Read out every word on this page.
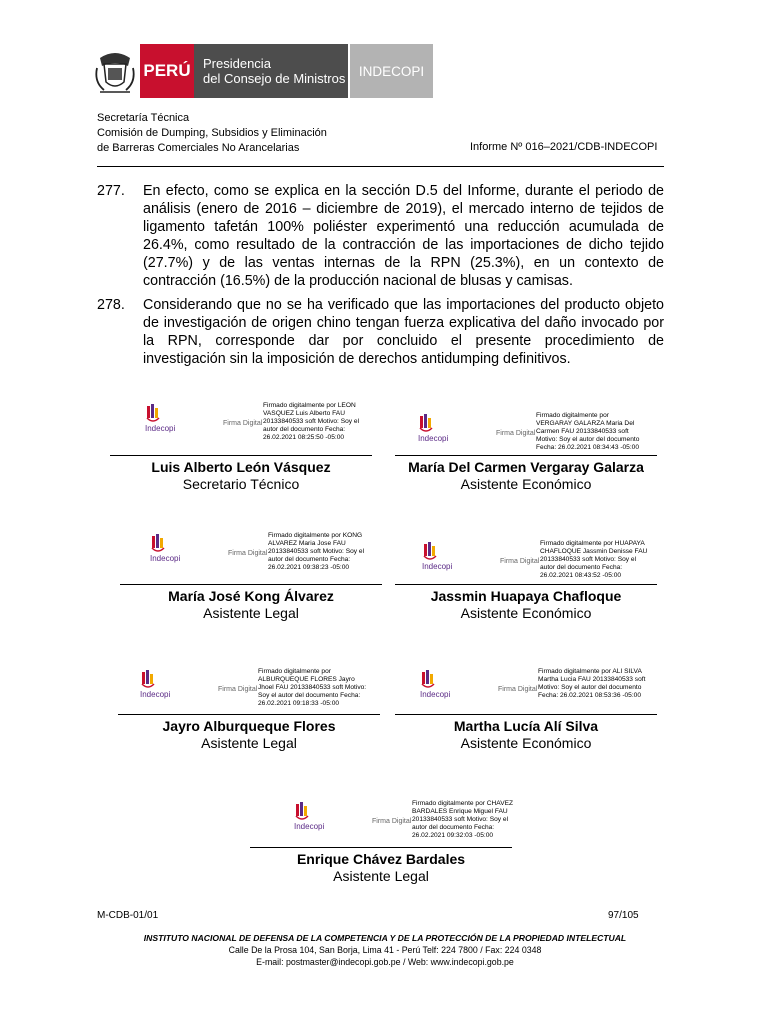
PERÚ Presidencia
del Consejo de Ministros	INDECOPI
Secretaría Técnica
Comisión de Dumping, Subsidios y Eliminación
de Barreras Comerciales No Arancelarias	Informe Nº 016–2021/CDB-INDECOPI
277.	En efecto, como se explica en la sección D.5 del Informe, durante el periodo de análisis (enero de 2016 – diciembre de 2019), el mercado interno de tejidos de ligamento tafetán 100% poliéster experimentó una reducción acumulada de 26.4%, como resultado de la contracción de las importaciones de dicho tejido (27.7%) y de las ventas internas de la RPN (25.3%), en un contexto de contracción (16.5%) de la producción nacional de blusas y camisas.
278.	Considerando que no se ha verificado que las importaciones del producto objeto de investigación de origen chino tengan fuerza explicativa del daño invocado por la RPN, corresponde dar por concluido el presente procedimiento de investigación sin la imposición de derechos antidumping definitivos.
Indecopi
Firma Digital
Firmado digitalmente por LEON VASQUEZ Luis Alberto FAU 20133840533 soft Motivo: Soy el autor del documento Fecha: 26.02.2021 08:25:50 -05:00
Luis Alberto León Vásquez
Secretario Técnico
Indecopi
Firma Digital
Firmado digitalmente por VERGARAY GALARZA Maria Del Carmen FAU 20133840533 soft Motivo: Soy el autor del documento Fecha: 26.02.2021 08:34:43 -05:00
María Del Carmen Vergaray Galarza
Asistente Económico
Indecopi
Firma Digital
Firmado digitalmente por KONG ALVAREZ Maria Jose FAU 20133840533 soft Motivo: Soy el autor del documento Fecha: 26.02.2021 09:38:23 -05:00
María José Kong Álvarez
Asistente Legal
Indecopi
Firma Digital
Firmado digitalmente por HUAPAYA CHAFLOQUE Jassmin Denisse FAU 20133840533 soft Motivo: Soy el autor del documento Fecha: 26.02.2021 08:43:52 -05:00
Jassmin Huapaya Chafloque
Asistente Económico
Indecopi
Firma Digital
Firmado digitalmente por ALBURQUEQUE FLORES Jayro Jhoel FAU 20133840533 soft Motivo: Soy el autor del documento Fecha: 26.02.2021 09:18:33 -05:00
Jayro Alburqueque Flores
Asistente Legal
Indecopi
Firma Digital
Firmado digitalmente por ALI SILVA Martha Lucia FAU 20133840533 soft Motivo: Soy el autor del documento Fecha: 26.02.2021 08:53:36 -05:00
Martha Lucía Alí Silva
Asistente Económico
Indecopi
Firma Digital
Firmado digitalmente por CHAVEZ BARDALES Enrique Miguel FAU 20133840533 soft Motivo: Soy el autor del documento Fecha: 26.02.2021 09:32:03 -05:00
Enrique Chávez Bardales
Asistente Legal
M-CDB-01/01	97/105
INSTITUTO NACIONAL DE DEFENSA DE LA COMPETENCIA Y DE LA PROTECCIÓN DE LA PROPIEDAD INTELECTUAL
Calle De la Prosa 104, San Borja, Lima 41 - Perú Telf: 224 7800 / Fax: 224 0348
E-mail: postmaster@indecopi.gob.pe / Web: www.indecopi.gob.pe
